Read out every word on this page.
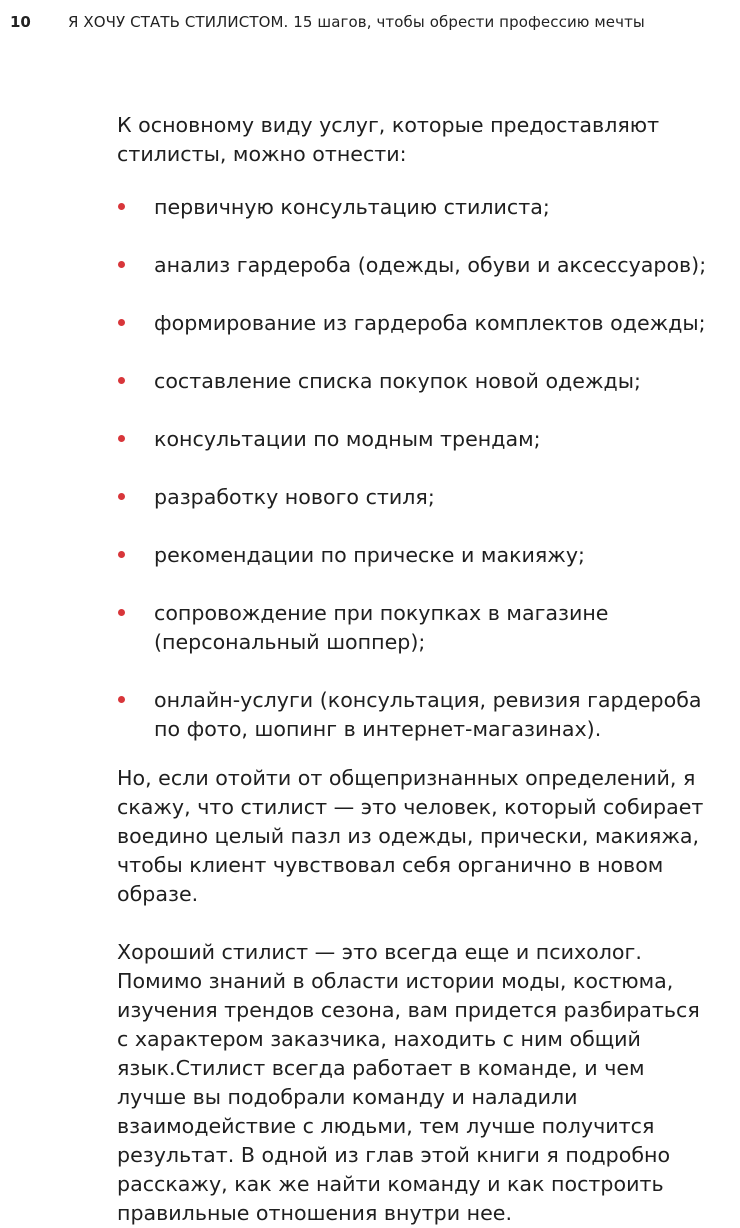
10 Я ХОЧУ СТАТЬ СТИЛИСТОМ. 15 шагов, чтобы обрести профессию мечты

К основному виду услуг, которые предоставляют стилисты, можно отнести:

первичную консультацию стилиста;
анализ гардероба (одежды, обуви и аксессуаров);
формирование из гардероба комплектов одежды;
составление списка покупок новой одежды;
консультации по модным трендам;
разработку нового стиля;
рекомендации по прическе и макияжу;
сопровождение при покупках в магазине (персональный шоппер);
онлайн-услуги (консультация, ревизия гардероба по фото, шопинг в интернет-магазинах).

Но, если отойти от общепризнанных определений, я скажу, что стилист — это человек, который собирает воедино целый пазл из одежды, прически, макияжа, чтобы клиент чувствовал себя органично в новом образе.

Хороший стилист — это всегда еще и психолог. Помимо знаний в области истории моды, костюма, изучения трендов сезона, вам придется разбираться с характером заказчика, находить с ним общий язык.Стилист всегда работает в команде, и чем лучше вы подобрали команду и наладили взаимодействие с людьми, тем лучше получится результат. В одной из глав этой книги я подробно расскажу, как же найти команду и как построить правильные отношения внутри нее.
